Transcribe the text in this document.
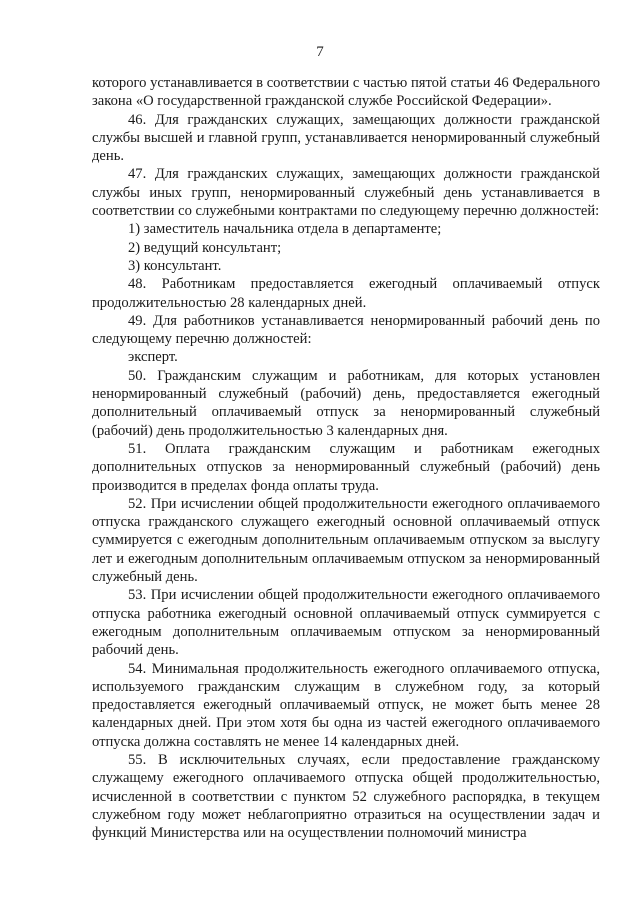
7

которого устанавливается в соответствии с частью пятой статьи 46 Федерального закона «О государственной гражданской службе Российской Федерации».

46. Для гражданских служащих, замещающих должности гражданской службы высшей и главной групп, устанавливается ненормированный служебный день.

47. Для гражданских служащих, замещающих должности гражданской службы иных групп, ненормированный служебный день устанавливается в соответствии со служебными контрактами по следующему перечню должностей:

1) заместитель начальника отдела в департаменте;

2) ведущий консультант;

3) консультант.

48. Работникам предоставляется ежегодный оплачиваемый отпуск продолжительностью 28 календарных дней.

49. Для работников устанавливается ненормированный рабочий день по следующему перечню должностей:

эксперт.

50. Гражданским служащим и работникам, для которых установлен ненормированный служебный (рабочий) день, предоставляется ежегодный дополнительный оплачиваемый отпуск за ненормированный служебный (рабочий) день продолжительностью 3 календарных дня.

51. Оплата гражданским служащим и работникам ежегодных дополнительных отпусков за ненормированный служебный (рабочий) день производится в пределах фонда оплаты труда.

52. При исчислении общей продолжительности ежегодного оплачиваемого отпуска гражданского служащего ежегодный основной оплачиваемый отпуск суммируется с ежегодным дополнительным оплачиваемым отпуском за выслугу лет и ежегодным дополнительным оплачиваемым отпуском за ненормированный служебный день.

53. При исчислении общей продолжительности ежегодного оплачиваемого отпуска работника ежегодный основной оплачиваемый отпуск суммируется с ежегодным дополнительным оплачиваемым отпуском за ненормированный рабочий день.

54. Минимальная продолжительность ежегодного оплачиваемого отпуска, используемого гражданским служащим в служебном году, за который предоставляется ежегодный оплачиваемый отпуск, не может быть менее 28 календарных дней. При этом хотя бы одна из частей ежегодного оплачиваемого отпуска должна составлять не менее 14 календарных дней.

55. В исключительных случаях, если предоставление гражданскому служащему ежегодного оплачиваемого отпуска общей продолжительностью, исчисленной в соответствии с пунктом 52 служебного распорядка, в текущем служебном году может неблагоприятно отразиться на осуществлении задач и функций Министерства или на осуществлении полномочий министра
